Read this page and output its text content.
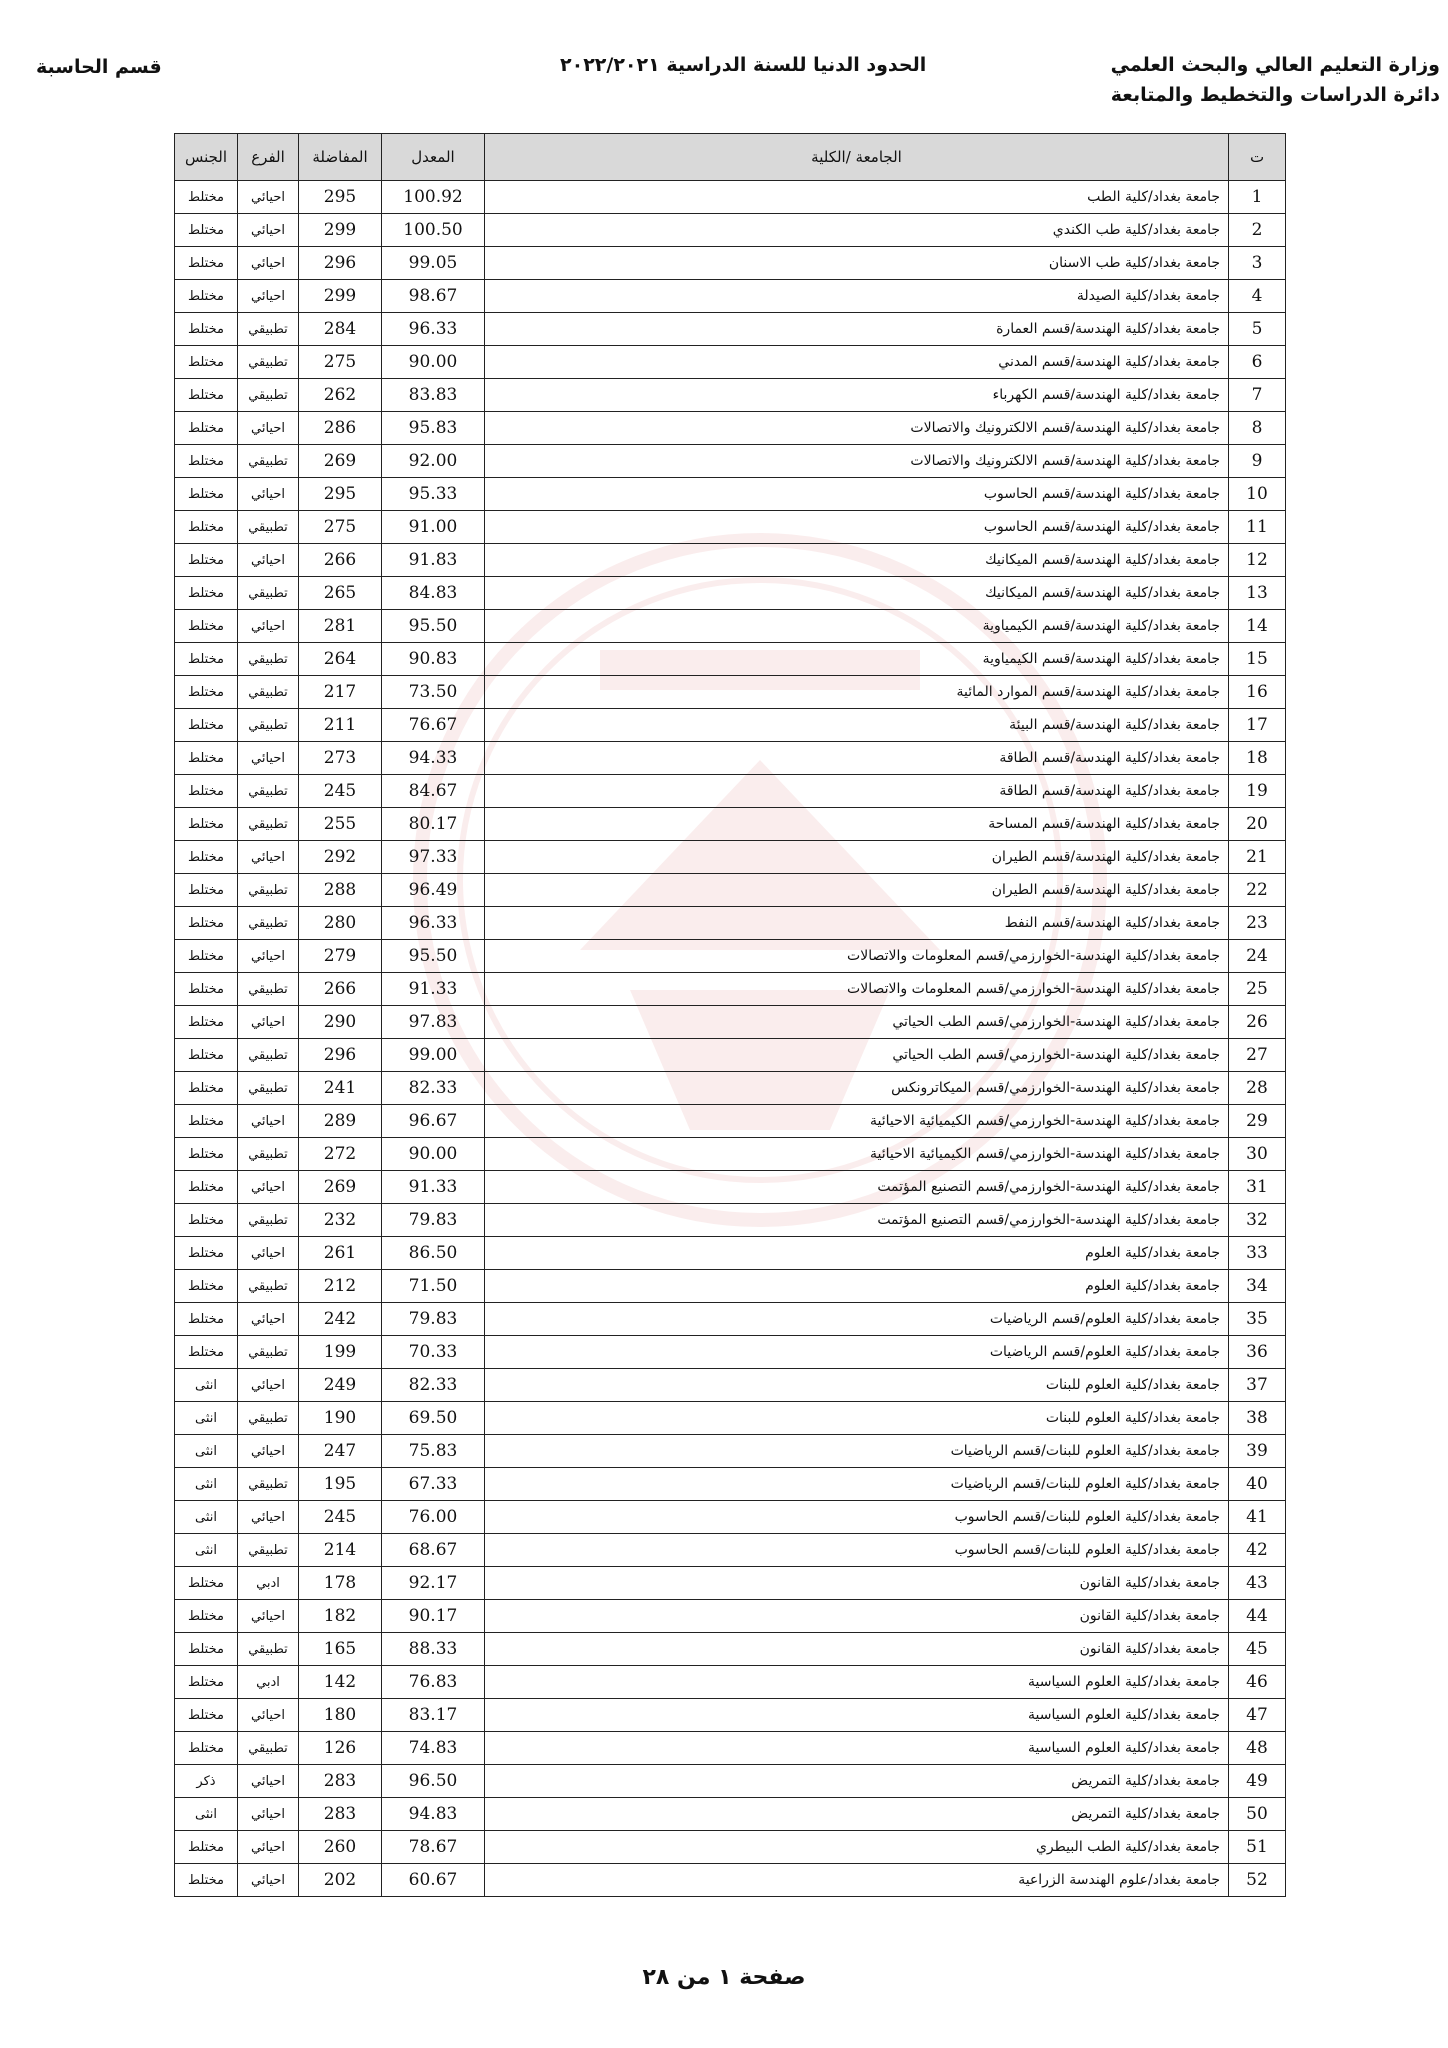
وزارة التعليم العالي والبحث العلمي
دائرة الدراسات والتخطيط والمتابعة
الحدود الدنيا للسنة الدراسية ٢٠٢٢/٢٠٢١
قسم الحاسبة
ت	الجامعة /الكلية	المعدل	المفاضلة	الفرع	الجنس
1	جامعة بغداد/كلية الطب	100.92	295	احيائي	مختلط
2	جامعة بغداد/كلية طب الكندي	100.50	299	احيائي	مختلط
3	جامعة بغداد/كلية طب الاسنان	99.05	296	احيائي	مختلط
4	جامعة بغداد/كلية الصيدلة	98.67	299	احيائي	مختلط
5	جامعة بغداد/كلية الهندسة/قسم العمارة	96.33	284	تطبيقي	مختلط
6	جامعة بغداد/كلية الهندسة/قسم المدني	90.00	275	تطبيقي	مختلط
7	جامعة بغداد/كلية الهندسة/قسم الكهرباء	83.83	262	تطبيقي	مختلط
8	جامعة بغداد/كلية الهندسة/قسم الالكترونيك والاتصالات	95.83	286	احيائي	مختلط
9	جامعة بغداد/كلية الهندسة/قسم الالكترونيك والاتصالات	92.00	269	تطبيقي	مختلط
10	جامعة بغداد/كلية الهندسة/قسم الحاسوب	95.33	295	احيائي	مختلط
11	جامعة بغداد/كلية الهندسة/قسم الحاسوب	91.00	275	تطبيقي	مختلط
12	جامعة بغداد/كلية الهندسة/قسم الميكانيك	91.83	266	احيائي	مختلط
13	جامعة بغداد/كلية الهندسة/قسم الميكانيك	84.83	265	تطبيقي	مختلط
14	جامعة بغداد/كلية الهندسة/قسم الكيمياوية	95.50	281	احيائي	مختلط
15	جامعة بغداد/كلية الهندسة/قسم الكيمياوية	90.83	264	تطبيقي	مختلط
16	جامعة بغداد/كلية الهندسة/قسم الموارد المائية	73.50	217	تطبيقي	مختلط
17	جامعة بغداد/كلية الهندسة/قسم البيئة	76.67	211	تطبيقي	مختلط
18	جامعة بغداد/كلية الهندسة/قسم الطاقة	94.33	273	احيائي	مختلط
19	جامعة بغداد/كلية الهندسة/قسم الطاقة	84.67	245	تطبيقي	مختلط
20	جامعة بغداد/كلية الهندسة/قسم المساحة	80.17	255	تطبيقي	مختلط
21	جامعة بغداد/كلية الهندسة/قسم الطيران	97.33	292	احيائي	مختلط
22	جامعة بغداد/كلية الهندسة/قسم الطيران	96.49	288	تطبيقي	مختلط
23	جامعة بغداد/كلية الهندسة/قسم النفط	96.33	280	تطبيقي	مختلط
24	جامعة بغداد/كلية الهندسة-الخوارزمي/قسم المعلومات والاتصالات	95.50	279	احيائي	مختلط
25	جامعة بغداد/كلية الهندسة-الخوارزمي/قسم المعلومات والاتصالات	91.33	266	تطبيقي	مختلط
26	جامعة بغداد/كلية الهندسة-الخوارزمي/قسم الطب الحياتي	97.83	290	احيائي	مختلط
27	جامعة بغداد/كلية الهندسة-الخوارزمي/قسم الطب الحياتي	99.00	296	تطبيقي	مختلط
28	جامعة بغداد/كلية الهندسة-الخوارزمي/قسم الميكاترونكس	82.33	241	تطبيقي	مختلط
29	جامعة بغداد/كلية الهندسة-الخوارزمي/قسم الكيميائية الاحيائية	96.67	289	احيائي	مختلط
30	جامعة بغداد/كلية الهندسة-الخوارزمي/قسم الكيميائية الاحيائية	90.00	272	تطبيقي	مختلط
31	جامعة بغداد/كلية الهندسة-الخوارزمي/قسم التصنيع المؤتمت	91.33	269	احيائي	مختلط
32	جامعة بغداد/كلية الهندسة-الخوارزمي/قسم التصنيع المؤتمت	79.83	232	تطبيقي	مختلط
33	جامعة بغداد/كلية العلوم	86.50	261	احيائي	مختلط
34	جامعة بغداد/كلية العلوم	71.50	212	تطبيقي	مختلط
35	جامعة بغداد/كلية العلوم/قسم الرياضيات	79.83	242	احيائي	مختلط
36	جامعة بغداد/كلية العلوم/قسم الرياضيات	70.33	199	تطبيقي	مختلط
37	جامعة بغداد/كلية العلوم للبنات	82.33	249	احيائي	انثى
38	جامعة بغداد/كلية العلوم للبنات	69.50	190	تطبيقي	انثى
39	جامعة بغداد/كلية العلوم للبنات/قسم الرياضيات	75.83	247	احيائي	انثى
40	جامعة بغداد/كلية العلوم للبنات/قسم الرياضيات	67.33	195	تطبيقي	انثى
41	جامعة بغداد/كلية العلوم للبنات/قسم الحاسوب	76.00	245	احيائي	انثى
42	جامعة بغداد/كلية العلوم للبنات/قسم الحاسوب	68.67	214	تطبيقي	انثى
43	جامعة بغداد/كلية القانون	92.17	178	ادبي	مختلط
44	جامعة بغداد/كلية القانون	90.17	182	احيائي	مختلط
45	جامعة بغداد/كلية القانون	88.33	165	تطبيقي	مختلط
46	جامعة بغداد/كلية العلوم السياسية	76.83	142	ادبي	مختلط
47	جامعة بغداد/كلية العلوم السياسية	83.17	180	احيائي	مختلط
48	جامعة بغداد/كلية العلوم السياسية	74.83	126	تطبيقي	مختلط
49	جامعة بغداد/كلية التمريض	96.50	283	احيائي	ذكر
50	جامعة بغداد/كلية التمريض	94.83	283	احيائي	انثى
51	جامعة بغداد/كلية الطب البيطري	78.67	260	احيائي	مختلط
52	جامعة بغداد/علوم الهندسة الزراعية	60.67	202	احيائي	مختلط
صفحة ١ من ٢٨
